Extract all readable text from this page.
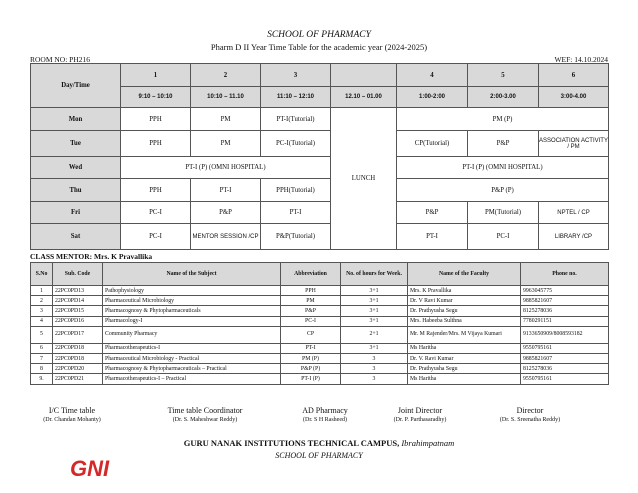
SCHOOL OF PHARMACY
Pharm D II Year Time Table for the academic year (2024-2025)
ROOM NO: PH216	WEF: 14.10.2024
Day/Time	1	2	3		4	5	6
	9:10 – 10:10	10:10 – 11.10	11:10 – 12:10	12.10 – 01.00	1:00-2:00	2:00-3.00	3:00-4.00
Mon	PPH	PM	PT-I(Tutorial)	LUNCH	PM (P)		
Tue	PPH	PM	PC-I(Tutorial)		CP(Tutorial)	P&P	ASSOCIATION ACTIVITY / PM
Wed	PT-I (P) (OMNI HOSPITAL)				PT-I (P) (OMNI HOSPITAL)		
Thu	PPH	PT-I	PPH(Tutorial)		P&P (P)		
Fri	PC-I	P&P	PT-I		P&P	PM(Tutorial)	NPTEL / CP
Sat	PC-I	MENTOR SESSION /CP	P&P(Tutorial)		PT-I	PC-I	LIBRARY /CP
CLASS MENTOR: Mrs. K Pravallika
S.No	Sub. Code	Name of the Subject	Abbreviation	No. of hours for Week.	Name of the Faculty	Phone no.
1	22PC0PD13	Pathophysiology	PPH	3+1	Mrs. K Pravallika	9963045775
2	22PC0PD14	Pharmaceutical Microbiology	PM	3+1	Dr. V Ravi Kumar	9885821607
3	22PC0PD15	Pharmacognosy & Phytopharmaceuticals	P&P	3+1	Dr. Prathyusha Segu	8125278036
4	22PC0PD16	Pharmacology-I	PC-I	3+1	Mrs. Habeeba Sulthna	7780291151
5	22PC0PD17	Community Pharmacy	CP	2+1	Mr. M Rajender/Mrs. M Vijaya Kumari	9133650909/8008593182
6	22PC0PD18	Pharmacotherapeutics-I	PT-I	3+1	Ms Haritha	9550795161
7	22PC0PD18	Pharmaceutical Microbiology - Practical	PM (P)	3	Dr. V. Ravi Kumar	9885821607
8	22PC0PD20	Pharmacognosy & Phytopharmaceuticals – Practical	P&P (P)	3	Dr. Prathyusha Segu	8125278036
9.	22PC0PD21	Pharmacotherapeutics-I – Practical	PT-I (P)	3	Ms Haritha	9550795161
I/C Time table
(Dr. Chandan Mohanty)
Time table Coordinator
(Dr. S. Maheshwar Reddy)
AD Pharmacy
(Dr. S H Rasheed)
Joint Director
(Dr. P. Parthasaradhy)
Director
(Dr. S. Sreenatha Reddy)
GURU NANAK INSTITUTIONS TECHNICAL CAMPUS, Ibrahimpatnam
SCHOOL OF PHARMACY
GNI
